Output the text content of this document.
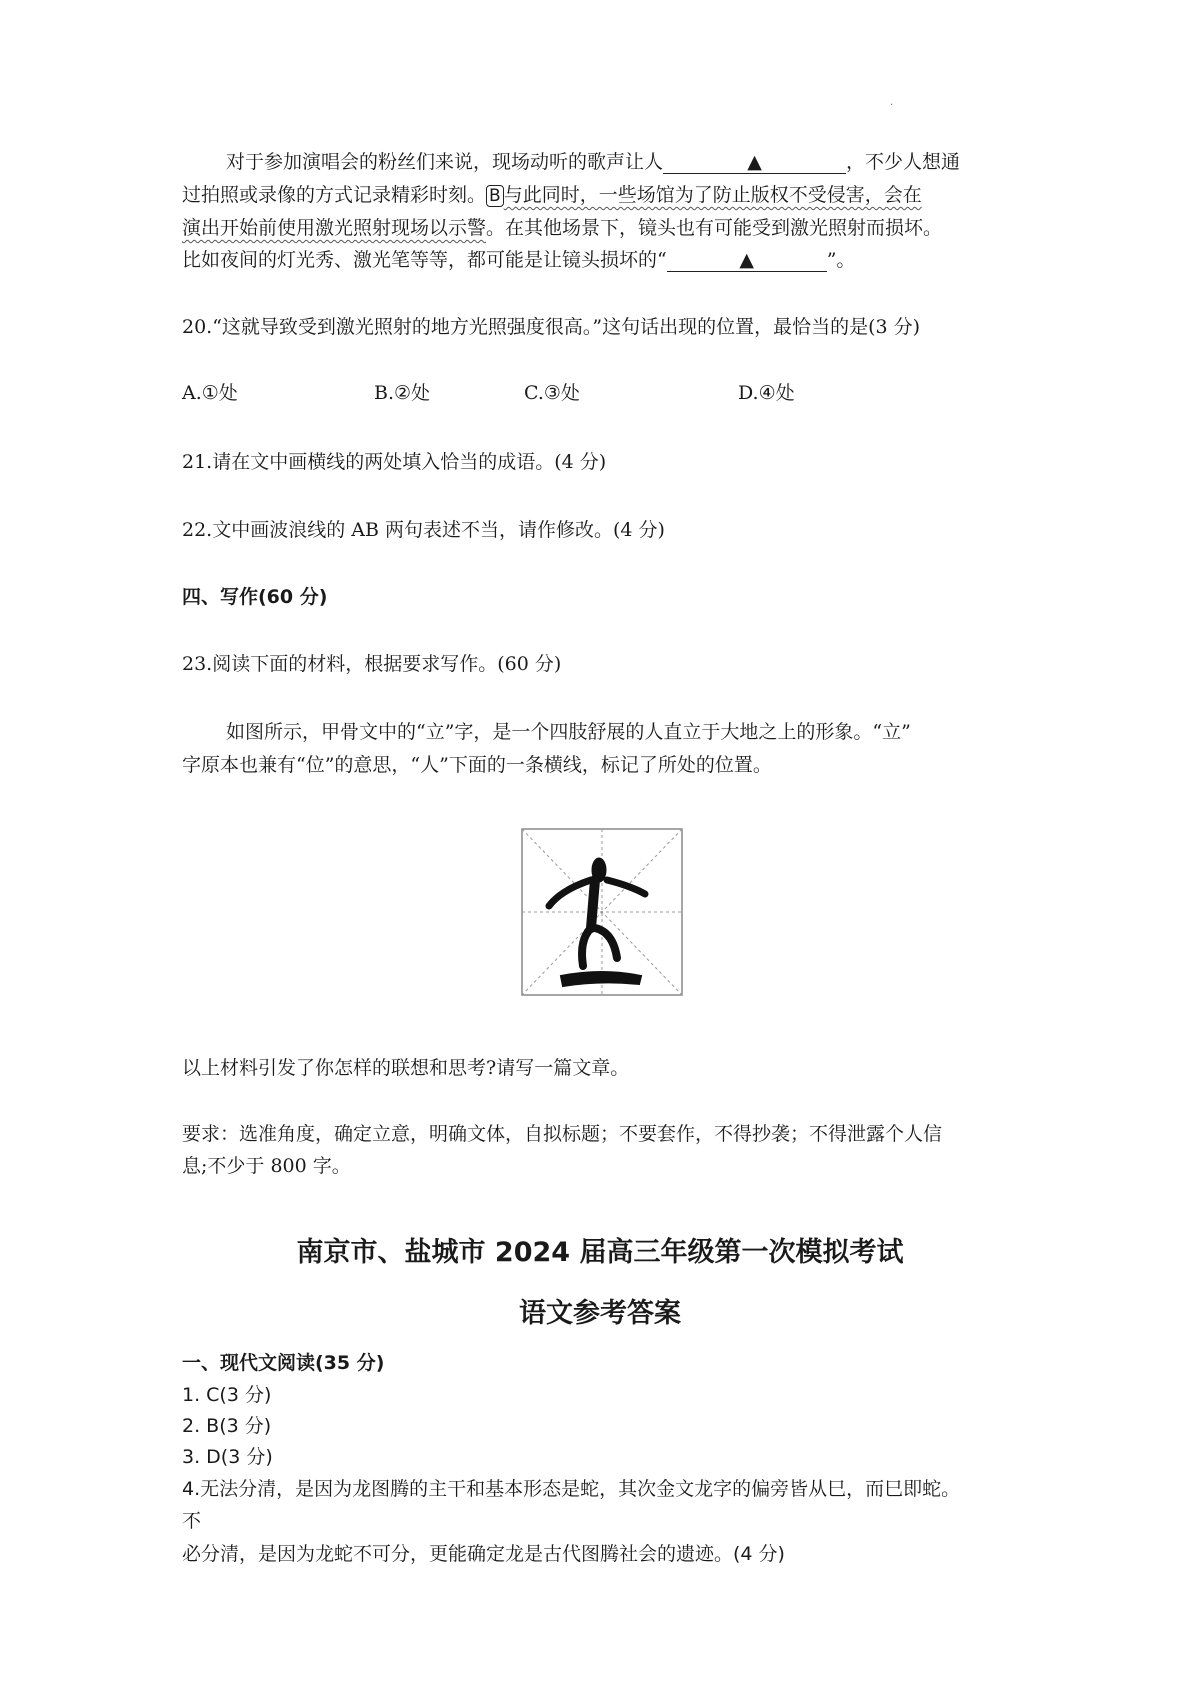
·
对于参加演唱会的粉丝们来说，现场动听的歌声让人	▲	，不少人想通
过拍照或录像的方式记录精彩时刻。 B 与此同时，一些场馆为了防止版权不受侵害，会在
演出开始前使用激光照射现场以示警。在其他场景下，镜头也有可能受到激光照射而损坏。
比如夜间的灯光秀、激光笔等等，都可能是让镜头损坏的“	▲	”。
20.“这就导致受到激光照射的地方光照强度很高。”这句话出现的位置，最恰当的是(3 分)
A.①处	B.②处	C.③处	D.④处
21.请在文中画横线的两处填入恰当的成语。(4 分)
22.文中画波浪线的 AB 两句表述不当，请作修改。(4 分)
四、写作(60 分)
23.阅读下面的材料，根据要求写作。(60 分)
如图所示，甲骨文中的“立”字，是一个四肢舒展的人直立于大地之上的形象。“立”
字原本也兼有“位”的意思，“人”下面的一条横线，标记了所处的位置。
以上材料引发了你怎样的联想和思考?请写一篇文章。
要求：选准角度，确定立意，明确文体，自拟标题；不要套作，不得抄袭；不得泄露个人信
息;不少于 800 字。
南京市、盐城市 2024 届高三年级第一次模拟考试
语文参考答案
一、现代文阅读(35 分)
1. C(3 分)
2. B(3 分)
3. D(3 分)
4.无法分清，是因为龙图腾的主干和基本形态是蛇，其次金文龙字的偏旁皆从巳，而巳即蛇。
不
必分清，是因为龙蛇不可分，更能确定龙是古代图腾社会的遗迹。(4 分)
